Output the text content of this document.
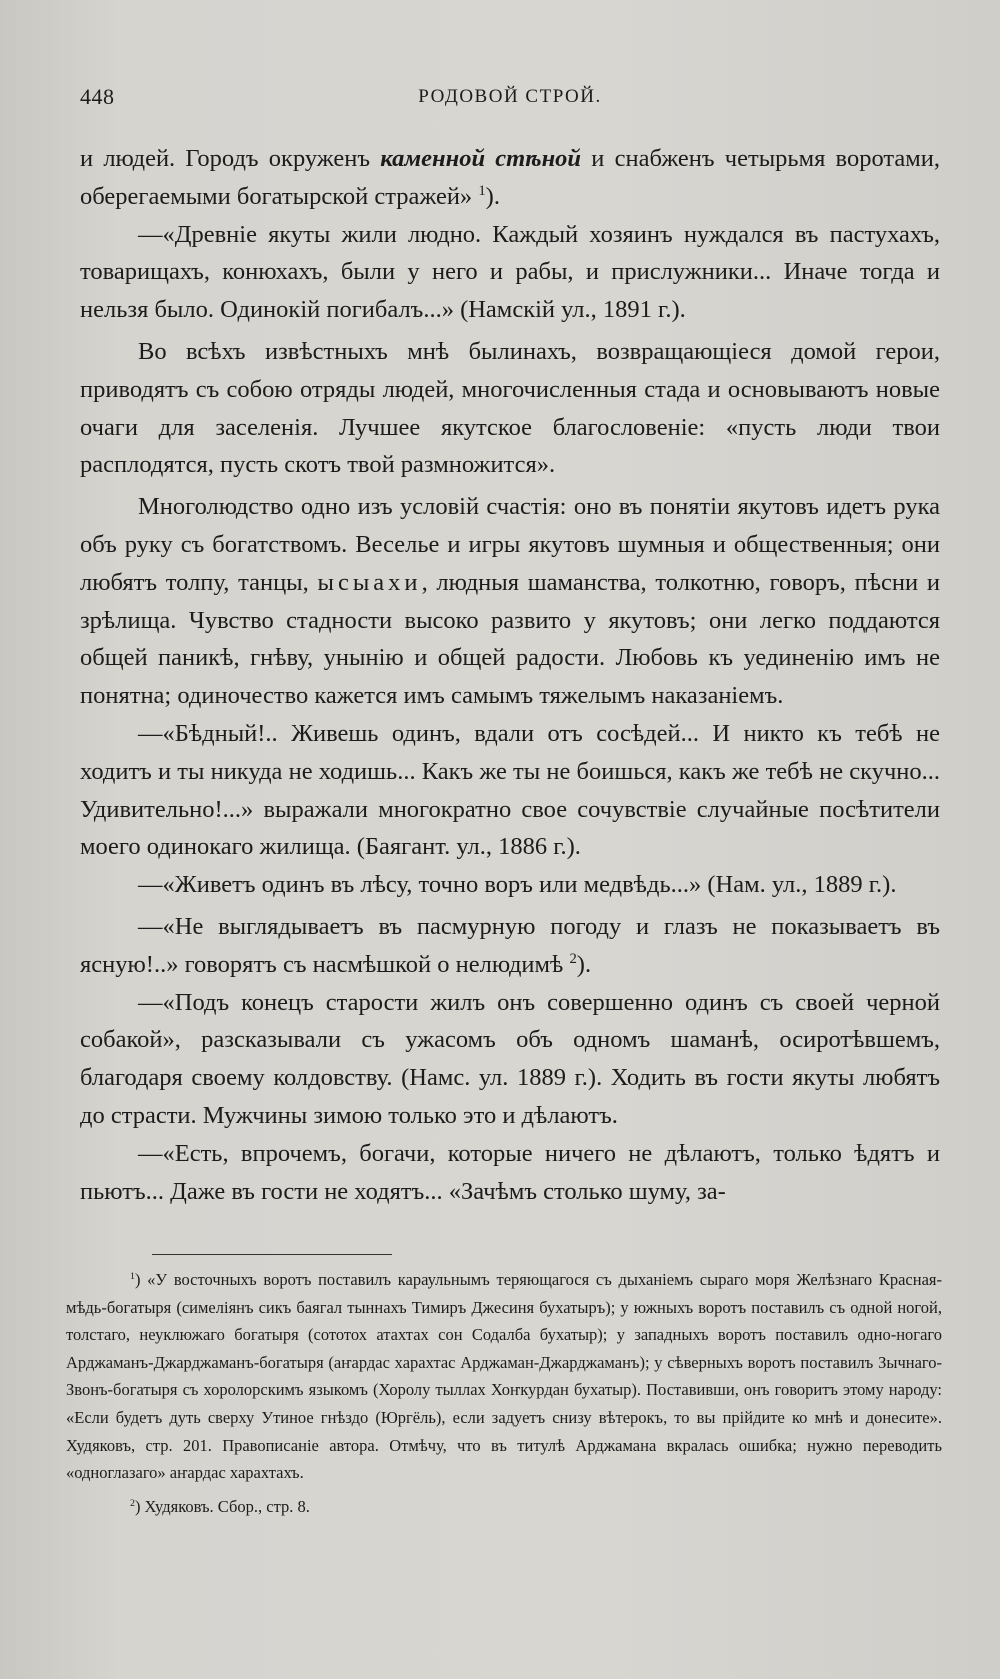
448	РОДОВОЙ СТРОЙ.

и людей. Городъ окруженъ каменной стѣной и снабженъ четырьмя воротами, оберегаемыми богатырской стражей» $^1$).

—«Древніе якуты жили людно. Каждый хозяинъ нуждался въ пастухахъ, товарищахъ, конюхахъ, были у него и рабы, и прислужники... Иначе тогда и нельзя было. Одинокій погибалъ...» (Намскій ул., 1891 г.).

Во всѣхъ извѣстныхъ мнѣ былинахъ, возвращающіеся домой герои, приводятъ съ собою отряды людей, многочисленныя стада и основываютъ новые очаги для заселенія. Лучшее якутское благословеніе: «пусть люди твои расплодятся, пусть скотъ твой размножится».

Многолюдство одно изъ условій счастія: оно въ понятіи якутовъ идетъ рука объ руку съ богатствомъ. Веселье и игры якутовъ шумныя и общественныя; они любятъ толпу, танцы, ысыахи, людныя шаманства, толкотню, говоръ, пѣсни и зрѣлища. Чувство стадности высоко развито у якутовъ; они легко поддаются общей паникѣ, гнѣву, унынію и общей радости. Любовь къ уединенію имъ не понятна; одиночество кажется имъ самымъ тяжелымъ наказаніемъ.

—«Бѣдный!.. Живешь одинъ, вдали отъ сосѣдей... И никто къ тебѣ не ходитъ и ты никуда не ходишь... Какъ же ты не боишься, какъ же тебѣ не скучно... Удивительно!...» выражали многократно свое сочувствіе случайные посѣтители моего одинокаго жилища. (Баягант. ул., 1886 г.).

—«Живетъ одинъ въ лѣсу, точно воръ или медвѣдь...» (Нам. ул., 1889 г.).

—«Не выглядываетъ въ пасмурную погоду и глазъ не показываетъ въ ясную!..» говорятъ съ насмѣшкой о нелюдимѣ $^2$).

—«Подъ конецъ старости жилъ онъ совершенно одинъ съ своей черной собакой», разсказывали съ ужасомъ объ одномъ шаманѣ, осиротѣвшемъ, благодаря своему колдовству. (Намс. ул. 1889 г.). Ходить въ гости якуты любятъ до страсти. Мужчины зимою только это и дѣлаютъ.

—«Есть, впрочемъ, богачи, которые ничего не дѣлаютъ, только ѣдятъ и пьютъ... Даже въ гости не ходятъ... «Зачѣмъ столько шуму, за-

$^1$) «У восточныхъ воротъ поставилъ караульнымъ теряющагося съ дыханіемъ сыраго моря Желѣзнаго Красная-мѣдь-богатыря (симеліянъ сикъ баягал тыннахъ Тимиръ Джесиня бухатыръ); у южныхъ воротъ поставилъ съ одной ногой, толстаго, неуклюжаго богатыря (сототох атахтах сон Содалба бухатыр); у западныхъ воротъ поставилъ одно-ногаго Арджаманъ-Джарджаманъ-богатыря (аҥардас харахтас Арджаман-Джарджаманъ); у сѣверныхъ воротъ поставилъ Зычнаго-Звонъ-богатыря съ хоролорскимъ языкомъ (Хоролу тыллах Хоҥкурдан бухатыр). Поставивши, онъ говоритъ этому народу: «Если будетъ дуть сверху Утиное гнѣздо (Юргёль), если задуетъ снизу вѣтерокъ, то вы прійдите ко мнѣ и донесите». Худяковъ, стр. 201. Правописаніе автора. Отмѣчу, что въ титулѣ Арджамана вкралась ошибка; нужно переводить «одноглазаго» аҥардас харахтахъ.

$^2$) Худяковъ. Сбор., стр. 8.
